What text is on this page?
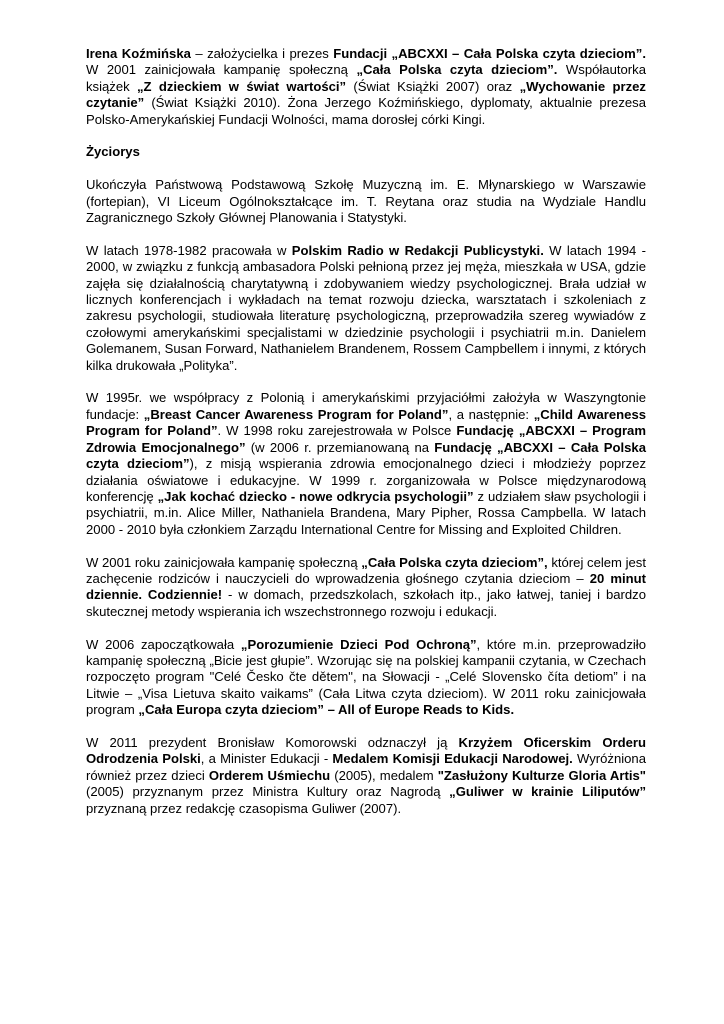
Irena Koźmińska – założycielka i prezes Fundacji „ABCXXI – Cała Polska czyta dzieciom”. W 2001 zainicjowała kampanię społeczną „Cała Polska czyta dzieciom”. Współautorka książek „Z dzieckiem w świat wartości” (Świat Książki 2007) oraz „Wychowanie przez czytanie” (Świat Książki 2010). Żona Jerzego Koźmińskiego, dyplomaty, aktualnie prezesa Polsko-Amerykańskiej Fundacji Wolności, mama dorosłej córki Kingi.

Życiorys

Ukończyła Państwową Podstawową Szkołę Muzyczną im. E. Młynarskiego w Warszawie (fortepian), VI Liceum Ogólnokształcące im. T. Reytana oraz studia na Wydziale Handlu Zagranicznego Szkoły Głównej Planowania i Statystyki.

W latach 1978-1982 pracowała w Polskim Radio w Redakcji Publicystyki. W latach 1994 - 2000, w związku z funkcją ambasadora Polski pełnioną przez jej męża, mieszkała w USA, gdzie zajęła się działalnością charytatywną i zdobywaniem wiedzy psychologicznej. Brała udział w licznych konferencjach i wykładach na temat rozwoju dziecka, warsztatach i szkoleniach z zakresu psychologii, studiowała literaturę psychologiczną, przeprowadziła szereg wywiadów z czołowymi amerykańskimi specjalistami w dziedzinie psychologii i psychiatrii m.in. Danielem Golemanem, Susan Forward, Nathanielem Brandenem, Rossem Campbellem i innymi, z których kilka drukowała „Polityka”.

W 1995r. we współpracy z Polonią i amerykańskimi przyjaciółmi założyła w Waszyngtonie fundacje: „Breast Cancer Awareness Program for Poland”, a następnie: „Child Awareness Program for Poland”. W 1998 roku zarejestrowała w Polsce Fundację „ABCXXI – Program Zdrowia Emocjonalnego” (w 2006 r. przemianowaną na Fundację „ABCXXI – Cała Polska czyta dzieciom”), z misją wspierania zdrowia emocjonalnego dzieci i młodzieży poprzez działania oświatowe i edukacyjne. W 1999 r. zorganizowała w Polsce międzynarodową konferencję „Jak kochać dziecko - nowe odkrycia psychologii” z udziałem sław psychologii i psychiatrii, m.in. Alice Miller, Nathaniela Brandena, Mary Pipher, Rossa Campbella. W latach 2000 - 2010 była członkiem Zarządu International Centre for Missing and Exploited Children.

W 2001 roku zainicjowała kampanię społeczną „Cała Polska czyta dzieciom”, której celem jest zachęcenie rodziców i nauczycieli do wprowadzenia głośnego czytania dzieciom – 20 minut dziennie. Codziennie! - w domach, przedszkolach, szkołach itp., jako łatwej, taniej i bardzo skutecznej metody wspierania ich wszechstronnego rozwoju i edukacji.

W 2006 zapoczątkowała „Porozumienie Dzieci Pod Ochroną”, które m.in. przeprowadziło kampanię społeczną „Bicie jest głupie”. Wzorując się na polskiej kampanii czytania, w Czechach rozpoczęto program "Celé Česko čte dětem", na Słowacji - „Celé Slovensko číta detiom” i na Litwie – „Visa Lietuva skaito vaikams” (Cała Litwa czyta dzieciom). W 2011 roku zainicjowała program „Cała Europa czyta dzieciom” – All of Europe Reads to Kids.

W 2011 prezydent Bronisław Komorowski odznaczył ją Krzyżem Oficerskim Orderu Odrodzenia Polski, a Minister Edukacji - Medalem Komisji Edukacji Narodowej. Wyróżniona również przez dzieci Orderem Uśmiechu (2005), medalem "Zasłużony Kulturze Gloria Artis" (2005) przyznanym przez Ministra Kultury oraz Nagrodą „Guliwer w krainie Liliputów” przyznaną przez redakcję czasopisma Guliwer (2007).
